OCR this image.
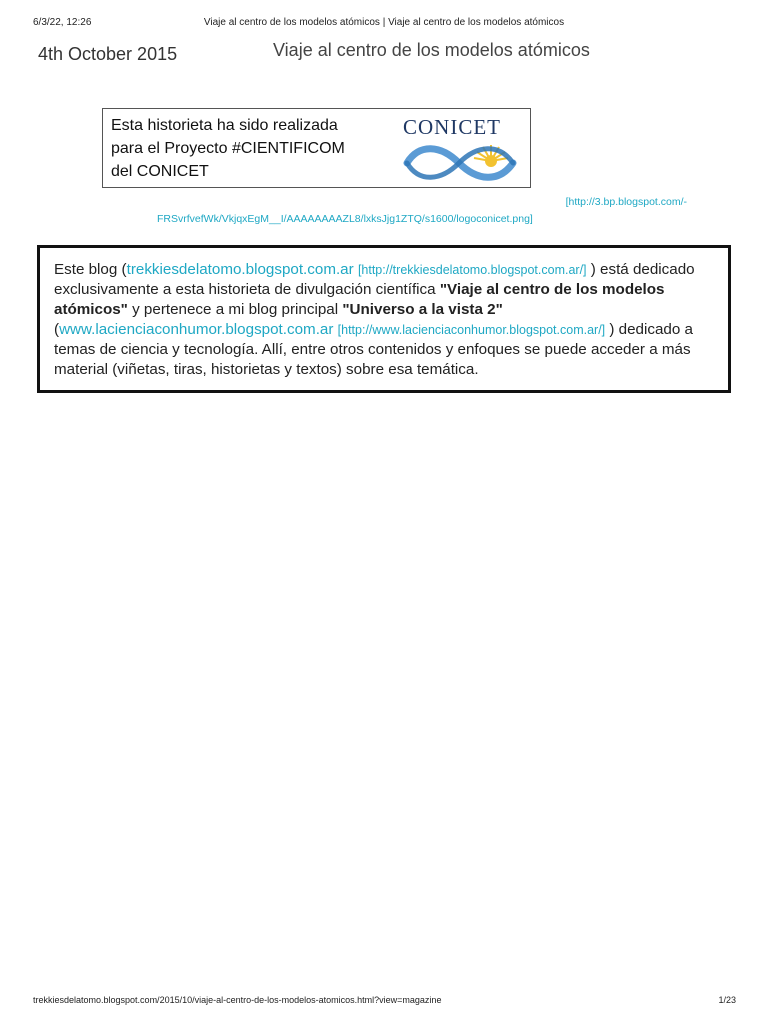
6/3/22, 12:26	Viaje al centro de los modelos atómicos | Viaje al centro de los modelos atómicos
4th October 2015	Viaje al centro de los modelos atómicos
Esta historieta ha sido realizada
para el Proyecto #CIENTIFICOM
del CONICET
CONICET
[http://3.bp.blogspot.com/-
FRSvrfvefWk/VkjqxEgM__I/AAAAAAAAZL8/lxksJjg1ZTQ/s1600/logoconicet.png]
Este blog (trekkiesdelatomo.blogspot.com.ar [http://trekkiesdelatomo.blogspot.com.ar/] ) está dedicado exclusivamente a esta historieta de divulgación científica "Viaje al centro de los modelos atómicos" y pertenece a mi blog principal "Universo a la vista 2"
(www.lacienciaconhumor.blogspot.com.ar [http://www.lacienciaconhumor.blogspot.com.ar/] ) dedicado a temas de ciencia y tecnología. Allí, entre otros contenidos y enfoques se puede acceder a más material (viñetas, tiras, historietas y textos) sobre esa temática.
trekkiesdelatomo.blogspot.com/2015/10/viaje-al-centro-de-los-modelos-atomicos.html?view=magazine	1/23
